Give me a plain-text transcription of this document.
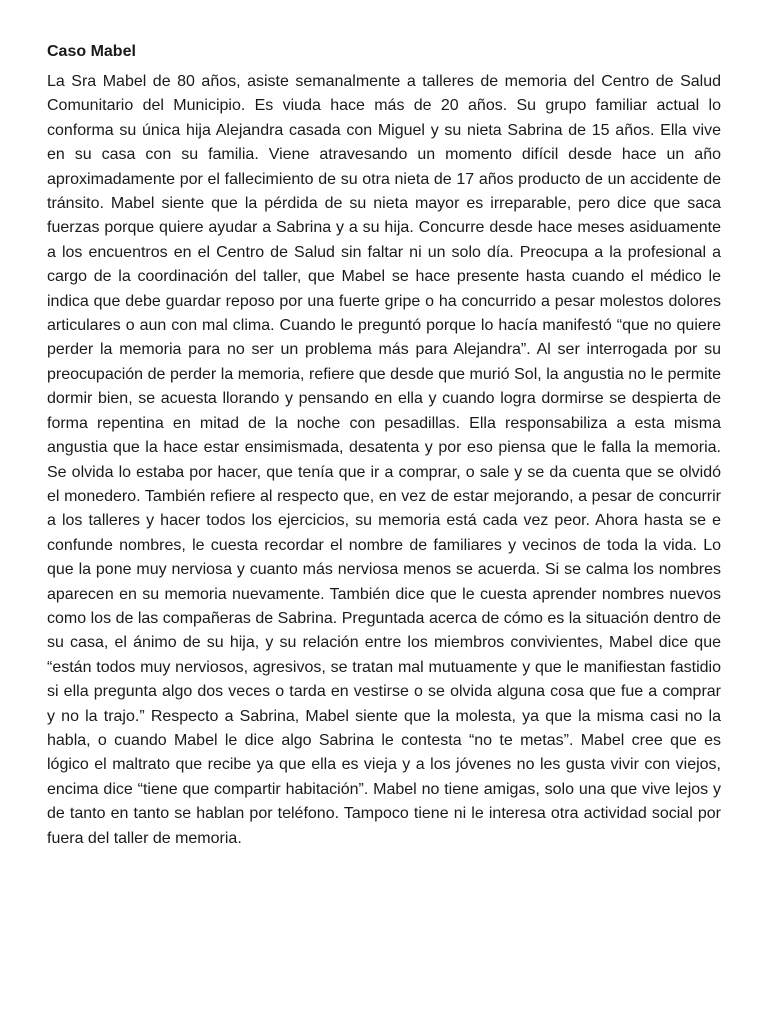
Caso Mabel

La Sra Mabel de 80 años, asiste semanalmente a talleres de memoria del Centro de Salud Comunitario del Municipio. Es viuda hace más de 20 años. Su grupo familiar actual lo conforma su única hija Alejandra casada con Miguel y su nieta Sabrina de 15 años. Ella vive en su casa con su familia. Viene atravesando un momento difícil desde hace un año aproximadamente por el fallecimiento de su otra nieta de 17 años producto de un accidente de tránsito. Mabel siente que la pérdida de su nieta mayor es irreparable, pero dice que saca fuerzas porque quiere ayudar a Sabrina y a su hija. Concurre desde hace meses asiduamente a los encuentros en el Centro de Salud sin faltar ni un solo día. Preocupa a la profesional a cargo de la coordinación del taller, que Mabel se hace presente hasta cuando el médico le indica que debe guardar reposo por una fuerte gripe o ha concurrido a pesar molestos dolores articulares o aun con mal clima. Cuando le preguntó porque lo hacía manifestó “que no quiere perder la memoria para no ser un problema más para Alejandra”. Al ser interrogada por su preocupación de perder la memoria, refiere que desde que murió Sol, la angustia no le permite dormir bien, se acuesta llorando y pensando en ella y cuando logra dormirse se despierta de forma repentina en mitad de la noche con pesadillas. Ella responsabiliza a esta misma angustia que la hace estar ensimismada, desatenta y por eso piensa que le falla la memoria. Se olvida lo estaba por hacer, que tenía que ir a comprar, o sale y se da cuenta que se olvidó el monedero. También refiere al respecto que, en vez de estar mejorando, a pesar de concurrir a los talleres y hacer todos los ejercicios, su memoria está cada vez peor. Ahora hasta se e confunde nombres, le cuesta recordar el nombre de familiares y vecinos de toda la vida. Lo que la pone muy nerviosa y cuanto más nerviosa menos se acuerda. Si se calma los nombres aparecen en su memoria nuevamente. También dice que le cuesta aprender nombres nuevos como los de las compañeras de Sabrina. Preguntada acerca de cómo es la situación dentro de su casa, el ánimo de su hija, y su relación entre los miembros convivientes, Mabel dice que “están todos muy nerviosos, agresivos, se tratan mal mutuamente y que le manifiestan fastidio si ella pregunta algo dos veces o tarda en vestirse o se olvida alguna cosa que fue a comprar y no la trajo.” Respecto a Sabrina, Mabel siente que la molesta, ya que la misma casi no la habla, o cuando Mabel le dice algo Sabrina le contesta “no te metas”. Mabel cree que es lógico el maltrato que recibe ya que ella es vieja y a los jóvenes no les gusta vivir con viejos, encima dice “tiene que compartir habitación”. Mabel no tiene amigas, solo una que vive lejos y de tanto en tanto se hablan por teléfono. Tampoco tiene ni le interesa otra actividad social por fuera del taller de memoria.
